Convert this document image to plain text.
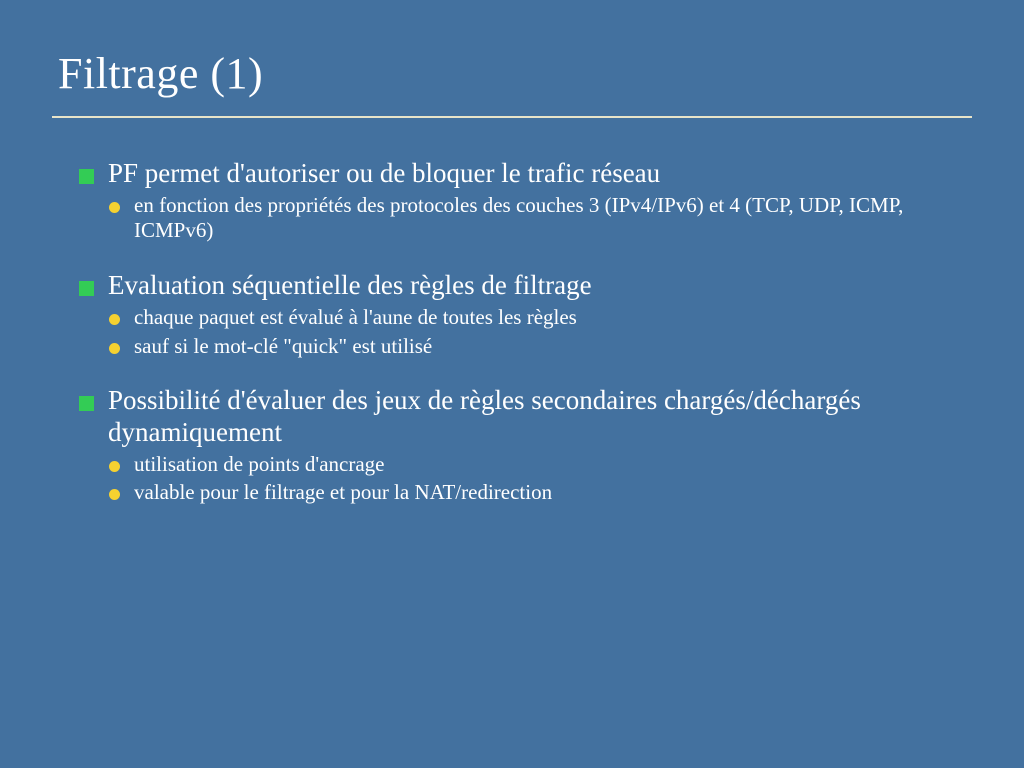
Filtrage (1)
PF permet d'autoriser ou de bloquer le trafic réseau
en fonction des propriétés des protocoles des couches 3 (IPv4/IPv6) et 4 (TCP, UDP, ICMP, ICMPv6)
Evaluation séquentielle des règles de filtrage
chaque paquet est évalué à l'aune de toutes les règles
sauf si le mot-clé "quick" est utilisé
Possibilité d'évaluer des jeux de règles secondaires chargés/déchargés dynamiquement
utilisation de points d'ancrage
valable pour le filtrage et pour la NAT/redirection
